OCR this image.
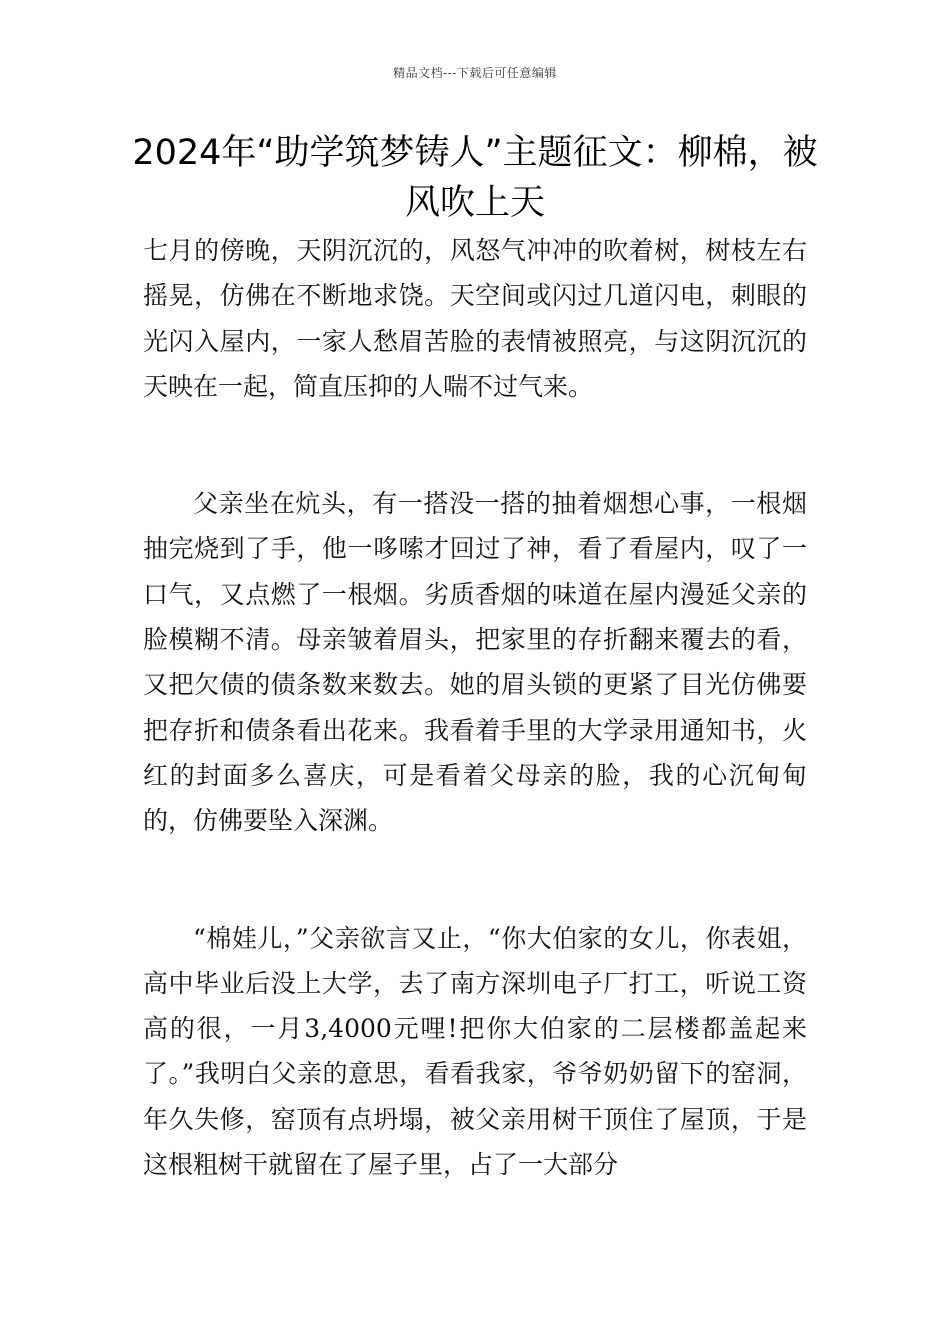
精品文档---下载后可任意编辑
2024年“助学筑梦铸人”主题征文：柳棉，被风吹上天

七月的傍晚，天阴沉沉的，风怒气冲冲的吹着树，树枝左右摇晃，仿佛在不断地求饶。天空间或闪过几道闪电，刺眼的光闪入屋内，一家人愁眉苦脸的表情被照亮，与这阴沉沉的天映在一起，简直压抑的人喘不过气来。

父亲坐在炕头，有一搭没一搭的抽着烟想心事，一根烟抽完烧到了手，他一哆嗦才回过了神，看了看屋内，叹了一口气，又点燃了一根烟。劣质香烟的味道在屋内漫延父亲的脸模糊不清。母亲皱着眉头，把家里的存折翻来覆去的看，又把欠债的债条数来数去。她的眉头锁的更紧了目光仿佛要把存折和债条看出花来。我看着手里的大学录用通知书，火红的封面多么喜庆，可是看着父母亲的脸，我的心沉甸甸的，仿佛要坠入深渊。

“棉娃儿，”父亲欲言又止，“你大伯家的女儿，你表姐，高中毕业后没上大学，去了南方深圳电子厂打工，听说工资高的很，一月3,4000元哩!把你大伯家的二层楼都盖起来了。”我明白父亲的意思，看看我家，爷爷奶奶留下的窑洞，年久失修，窑顶有点坍塌，被父亲用树干顶住了屋顶，于是这根粗树干就留在了屋子里，占了一大部分
